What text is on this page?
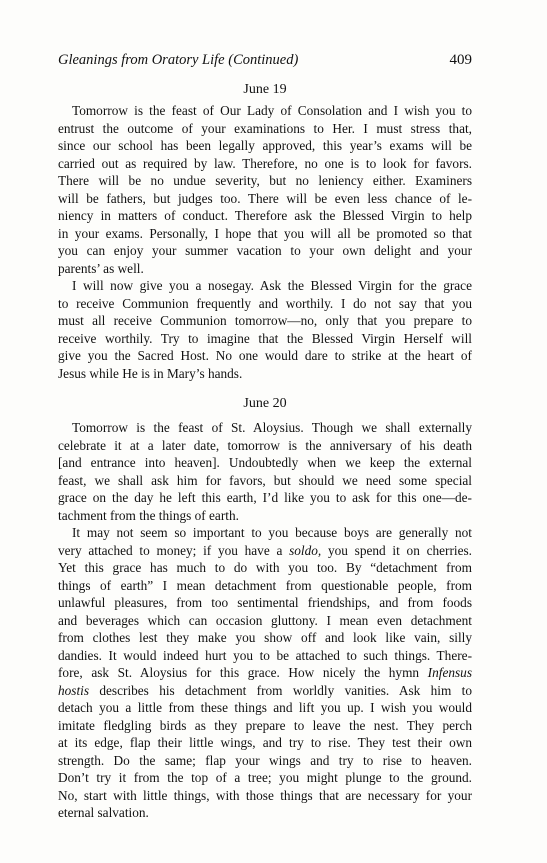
Gleanings from Oratory Life (Continued)	409
June 19
Tomorrow is the feast of Our Lady of Consolation and I wish you to
entrust the outcome of your examinations to Her. I must stress that,
since our school has been legally approved, this year’s exams will be
carried out as required by law. Therefore, no one is to look for favors.
There will be no undue severity, but no leniency either. Examiners
will be fathers, but judges too. There will be even less chance of le-
niency in matters of conduct. Therefore ask the Blessed Virgin to help
in your exams. Personally, I hope that you will all be promoted so that
you can enjoy your summer vacation to your own delight and your
parents’ as well.
I will now give you a nosegay. Ask the Blessed Virgin for the grace
to receive Communion frequently and worthily. I do not say that you
must all receive Communion tomorrow—no, only that you prepare to
receive worthily. Try to imagine that the Blessed Virgin Herself will
give you the Sacred Host. No one would dare to strike at the heart of
Jesus while He is in Mary’s hands.
June 20
Tomorrow is the feast of St. Aloysius. Though we shall externally
celebrate it at a later date, tomorrow is the anniversary of his death
[and entrance into heaven]. Undoubtedly when we keep the external
feast, we shall ask him for favors, but should we need some special
grace on the day he left this earth, I’d like you to ask for this one—de-
tachment from the things of earth.
It may not seem so important to you because boys are generally not
very attached to money; if you have a soldo, you spend it on cherries.
Yet this grace has much to do with you too. By “detachment from
things of earth” I mean detachment from questionable people, from
unlawful pleasures, from too sentimental friendships, and from foods
and beverages which can occasion gluttony. I mean even detachment
from clothes lest they make you show off and look like vain, silly
dandies. It would indeed hurt you to be attached to such things. There-
fore, ask St. Aloysius for this grace. How nicely the hymn Infensus
hostis describes his detachment from worldly vanities. Ask him to
detach you a little from these things and lift you up. I wish you would
imitate fledgling birds as they prepare to leave the nest. They perch
at its edge, flap their little wings, and try to rise. They test their own
strength. Do the same; flap your wings and try to rise to heaven.
Don’t try it from the top of a tree; you might plunge to the ground.
No, start with little things, with those things that are necessary for your
eternal salvation.
